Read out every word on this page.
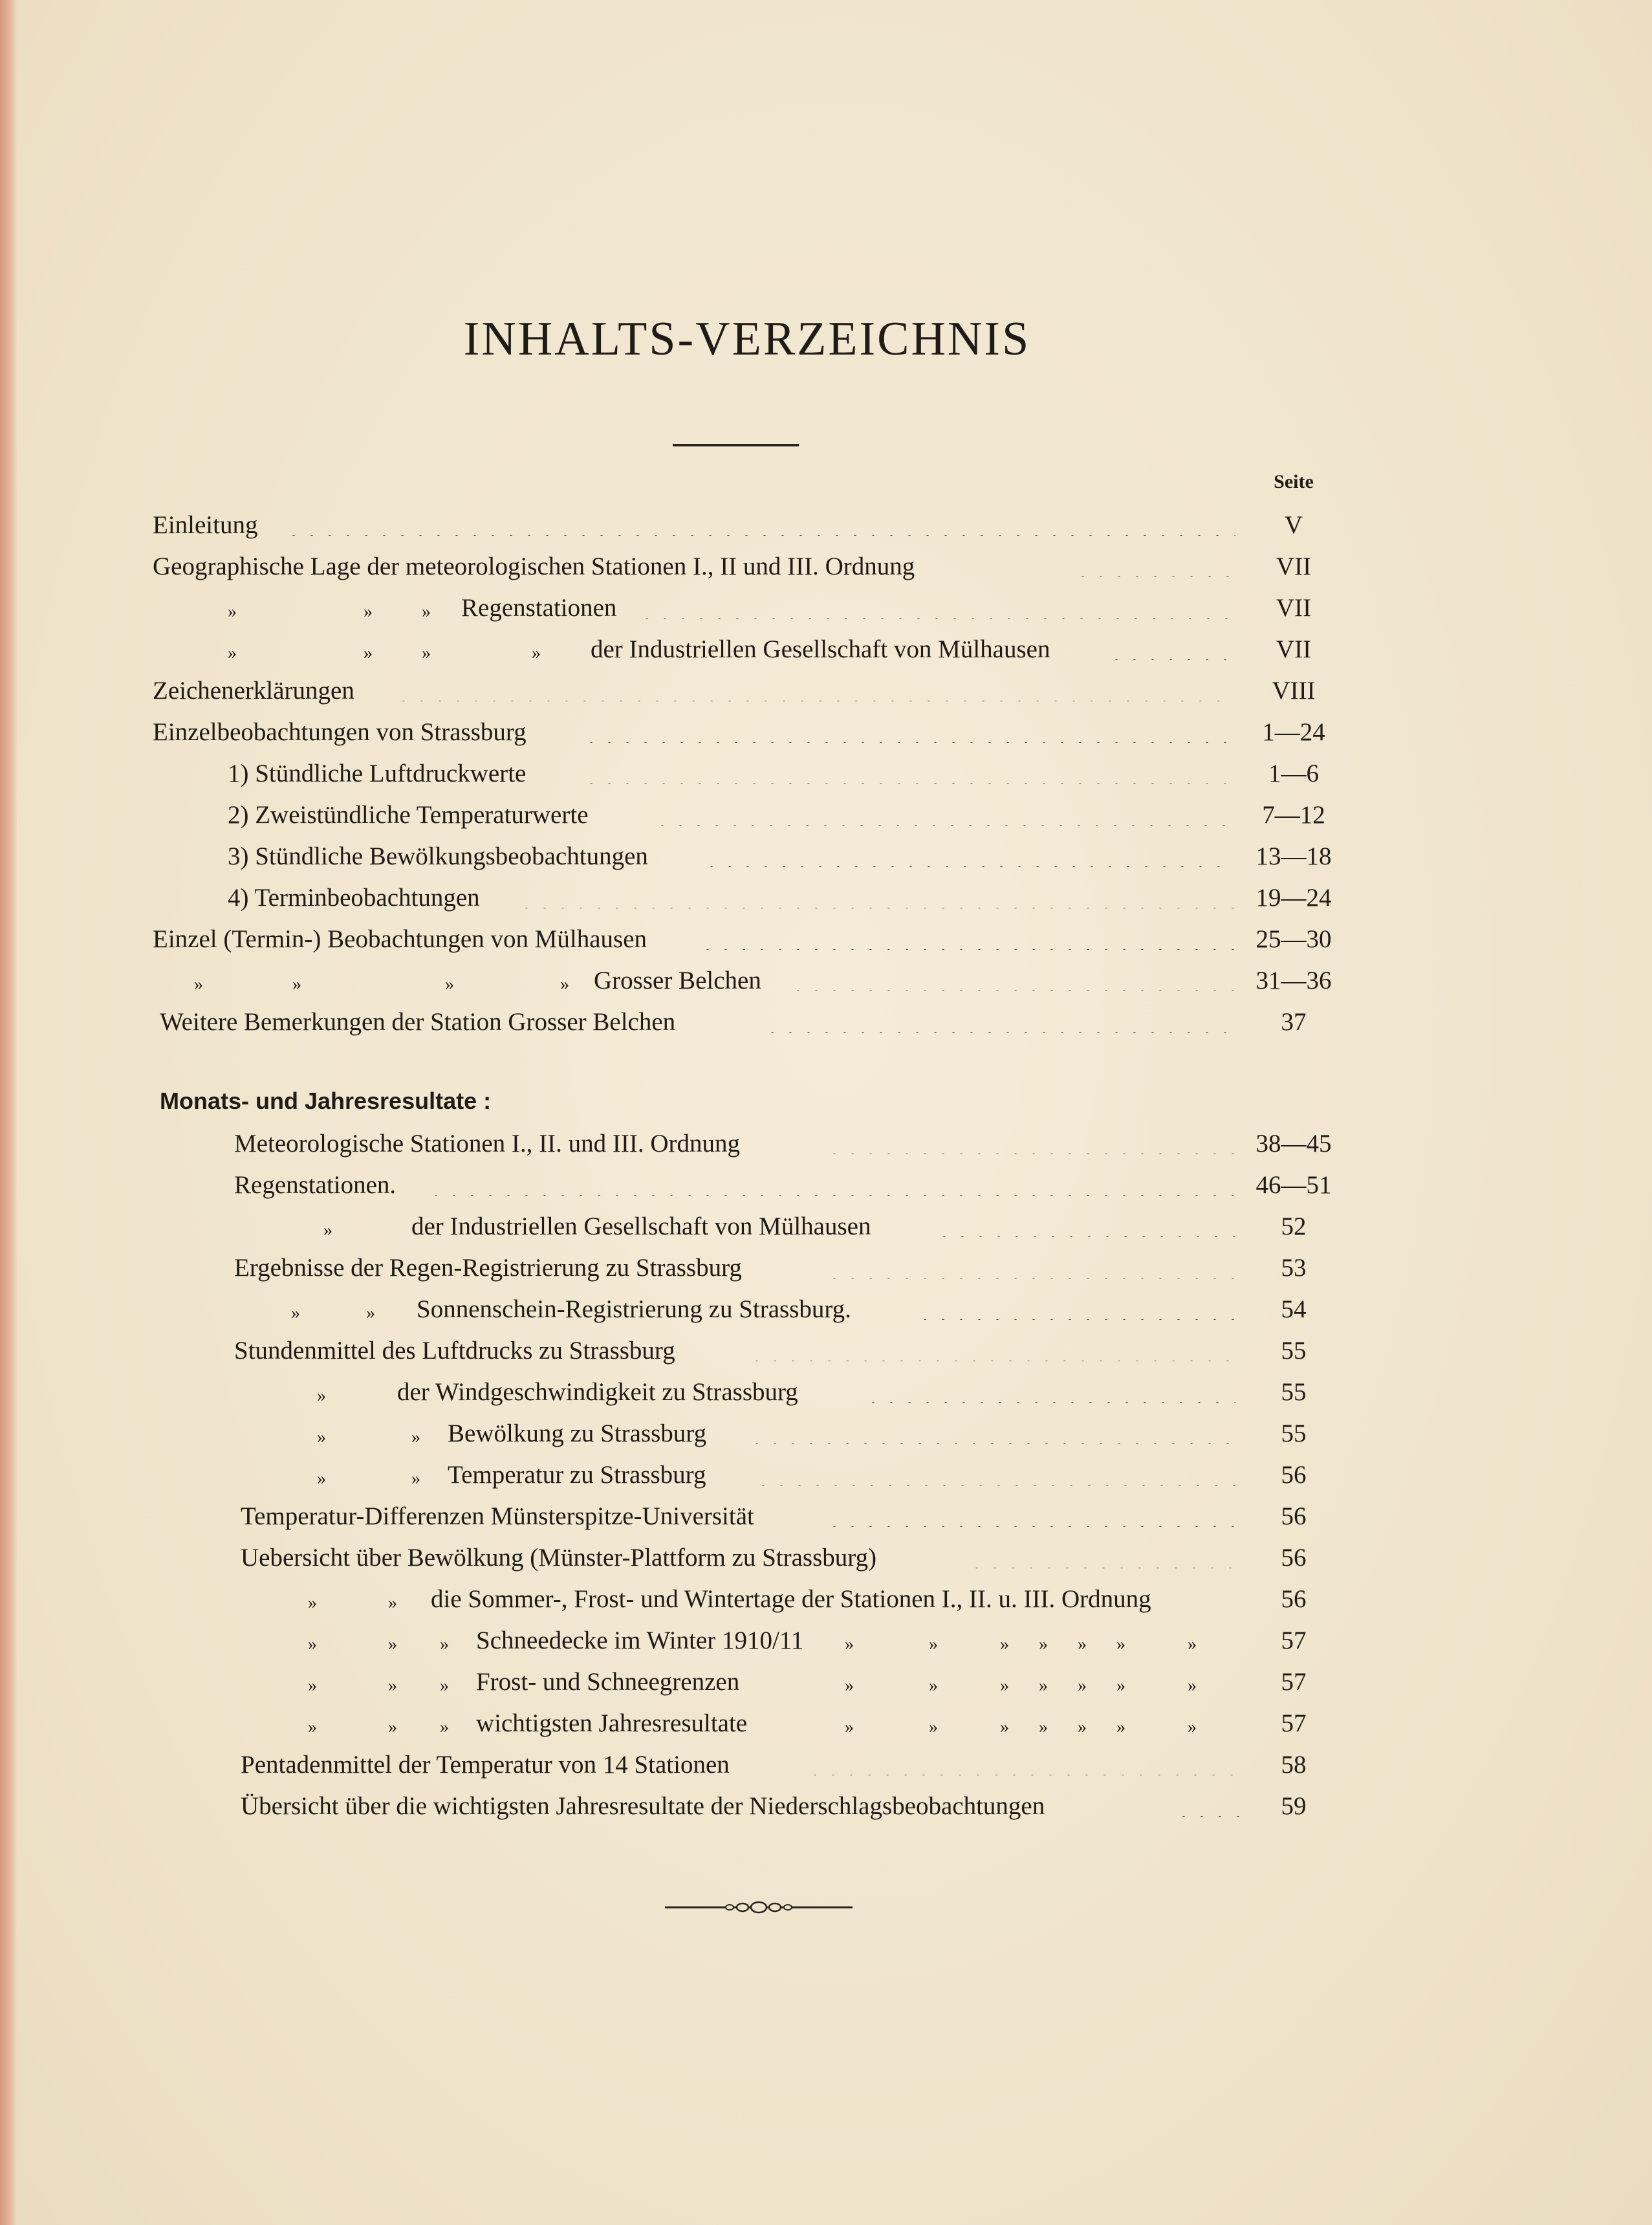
INHALTS-VERZEICHNIS
Seite
Einleitung	V
Geographische Lage der meteorologischen Stationen I., II und III. Ordnung	VII
»	»	» Regenstationen	VII
»	»	»	» der Industriellen Gesellschaft von Mülhausen	VII
Zeichenerklärungen	VIII
Einzelbeobachtungen von Strassburg	1—24
1) Stündliche Luftdruckwerte	1—6
2) Zweistündliche Temperaturwerte	7—12
3) Stündliche Bewölkungsbeobachtungen	13—18
4) Terminbeobachtungen	19—24
Einzel (Termin-) Beobachtungen von Mülhausen	25—30
»	»	»	» Grosser Belchen	31—36
Weitere Bemerkungen der Station Grosser Belchen	37
Monats- und Jahresresultate :
Meteorologische Stationen I., II. und III. Ordnung	38—45
Regenstationen.	46—51
»	der Industriellen Gesellschaft von Mülhausen	52
Ergebnisse der Regen-Registrierung zu Strassburg	53
»	» Sonnenschein-Registrierung zu Strassburg.	54
Stundenmittel des Luftdrucks zu Strassburg	55
»	der Windgeschwindigkeit zu Strassburg	55
»	» Bewölkung zu Strassburg	55
»	» Temperatur zu Strassburg	56
Temperatur-Differenzen Münsterspitze-Universität	56
Uebersicht über Bewölkung (Münster-Plattform zu Strassburg)	56
»	» die Sommer-, Frost- und Wintertage der Stationen I., II. u. III. Ordnung	56
»	» » Schneedecke im Winter 1910/11 »	»	» » » »	»	57
»	» » Frost- und Schneegrenzen	»	»	» » » »	»	57
»	» » wichtigsten Jahresresultate	»	»	» » » »	»	57
Pentadenmittel der Temperatur von 14 Stationen	58
Übersicht über die wichtigsten Jahresresultate der Niederschlagsbeobachtungen	59
